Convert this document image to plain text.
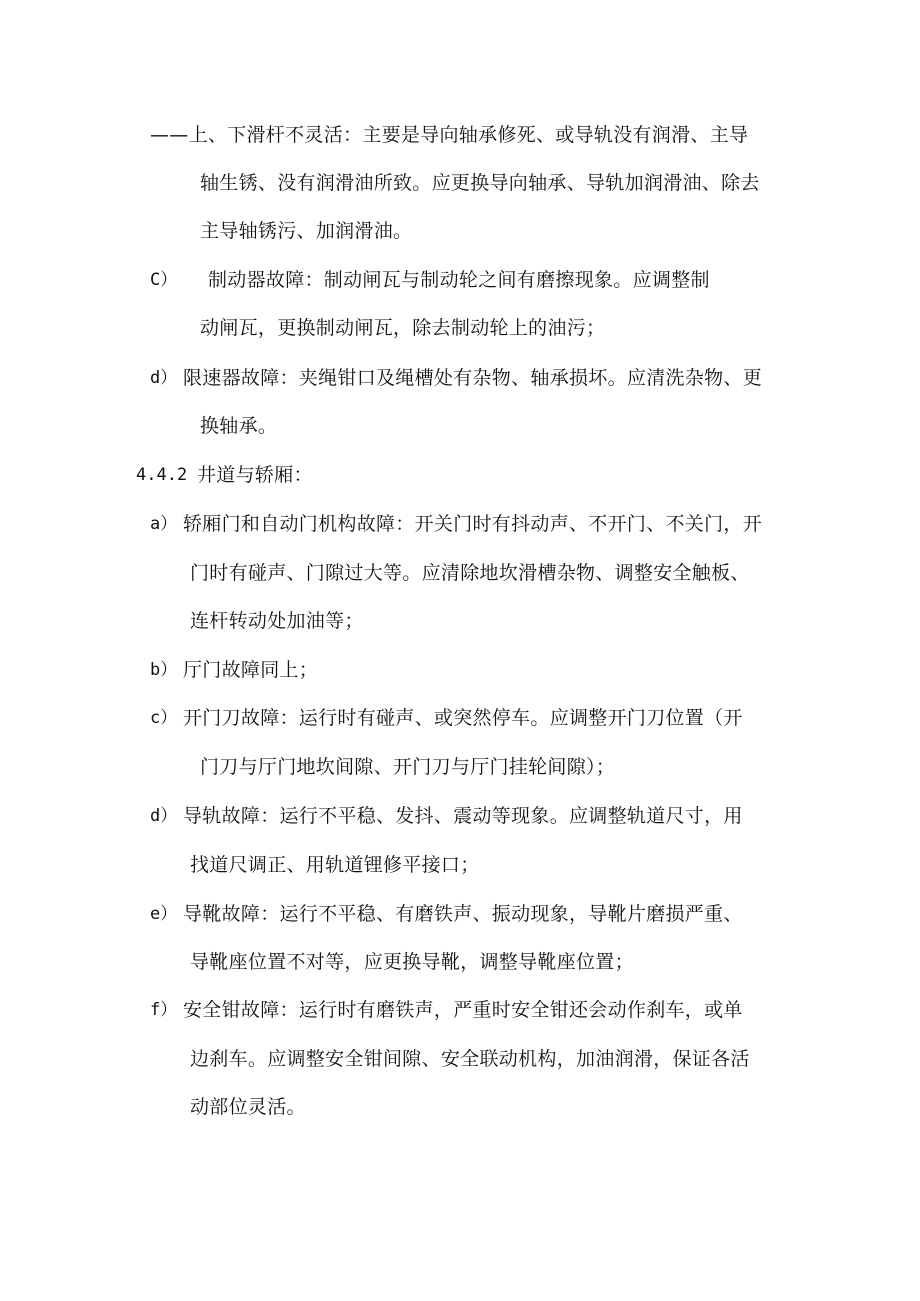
——上、下滑杆不灵活：主要是导向轴承修死、或导轨没有润滑、主导
轴生锈、没有润滑油所致。应更换导向轴承、导轨加润滑油、除去
主导轴锈污、加润滑油。
C） 制动器故障：制动闸瓦与制动轮之间有磨擦现象。应调整制
动闸瓦，更换制动闸瓦，除去制动轮上的油污；
d） 限速器故障：夹绳钳口及绳槽处有杂物、轴承损坏。应清洗杂物、更
换轴承。
4.4.2 井道与轿厢：
a） 轿厢门和自动门机构故障：开关门时有抖动声、不开门、不关门，开
门时有碰声、门隙过大等。应清除地坎滑槽杂物、调整安全触板、
连杆转动处加油等；
b） 厅门故障同上；
c） 开门刀故障：运行时有碰声、或突然停车。应调整开门刀位置（开
门刀与厅门地坎间隙、开门刀与厅门挂轮间隙）；
d） 导轨故障：运行不平稳、发抖、震动等现象。应调整轨道尺寸，用
找道尺调正、用轨道锂修平接口；
e） 导靴故障：运行不平稳、有磨铁声、振动现象，导靴片磨损严重、
导靴座位置不对等，应更换导靴，调整导靴座位置；
f） 安全钳故障：运行时有磨铁声，严重时安全钳还会动作刹车，或单
边刹车。应调整安全钳间隙、安全联动机构，加油润滑，保证各活
动部位灵活。
